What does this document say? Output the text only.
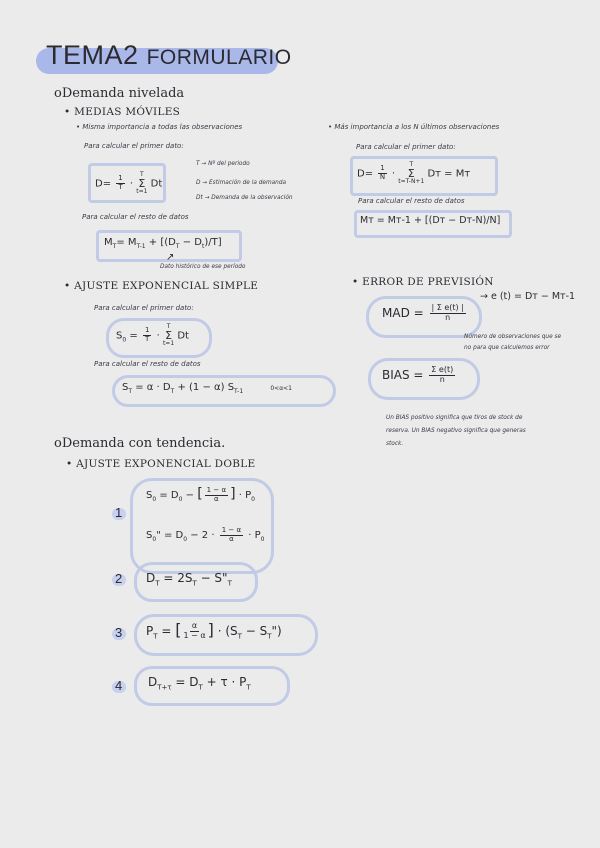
TEMA2 FORMULARIO
oDemanda nivelada
• MEDIAS MÓVILES
• Misma importancia a todas las observaciones
Para calcular el primer dato:
$D= \frac{1}{T}$ ·
T
Σ
t=1
Dt
T → Nº del periodo
D → Estimación de la demanda
Dt → Demanda de la observación
Para calcular el resto de datos
$M_T= M_{T-1} + [(D_T - D_t)/T]$
↗
Dato histórico de ese período
• Más importancia a los N últimos observaciones
Para calcular el primer dato:
$D= \frac{1}{N}$ ·
T
Σ
t=T-N+1
Dт = Mт
Para calcular el resto de datos
Mт = Mт-1 + [(Dт − Dт-N)/N]
• AJUSTE EXPONENCIAL SIMPLE
Para calcular el primer dato:
$S_0 = \frac{1}{T}$ ·
T
Σ
t=1
Dt
Para calcular el resto de datos
$S_T = \alpha \cdot D_T + (1 - \alpha)$ $S_{T-1}$	0<α<1
• ERROR DE PREVISIÓN
MAD = $\frac{\text{| Σ e(t) |}}{n}$
→ e (t) = Dт − Mт-1
Número de observaciones que se
no para que calculemos error
BIAS = $\frac{\text{Σ e(t)}}{n}$
Un BIAS positivo significa que tiros de stock de
reserva. Un BIAS negativo significa que generas
stock.
oDemanda con tendencia.
• AJUSTE EXPONENCIAL DOBLE
1
$S_0 = D_0$ − [ $\frac{1 - \alpha}{\alpha}$ ] · $P_0$
$S_0$" = $D_0 - 2 \cdot \frac{1 - \alpha}{\alpha} \cdot P_0$
2 $D_T = 2S_T$ − $S"_T$
3 $P_T$ = [ $\frac{\alpha}{1 - \alpha}$ ] · ($S_T$ − $S_T$")
4 $D_{T+\tau} = D_T + \tau \cdot P_T$
